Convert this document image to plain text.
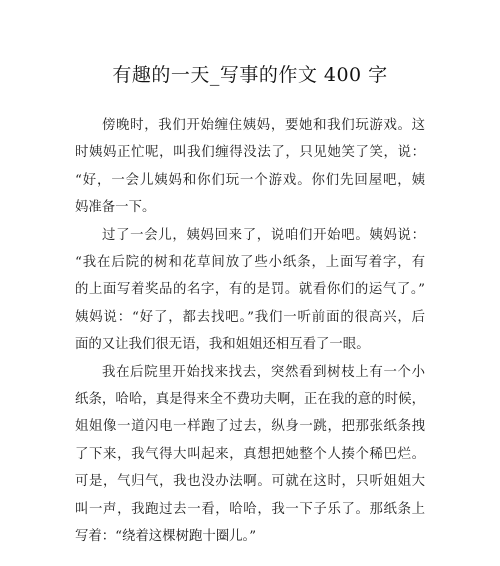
有趣的一天_写事的作文 400 字

傍晚时，我们开始缠住姨妈，要她和我们玩游戏。这
时姨妈正忙呢，叫我们缠得没法了，只见她笑了笑，说：
“好，一会儿姨妈和你们玩一个游戏。你们先回屋吧，姨
妈准备一下。

过了一会儿，姨妈回来了，说咱们开始吧。姨妈说：
“我在后院的树和花草间放了些小纸条，上面写着字，有
的上面写着奖品的名字，有的是罚。就看你们的运气了。”
姨妈说：“好了，都去找吧。”我们一听前面的很高兴，后
面的又让我们很无语，我和姐姐还相互看了一眼。

我在后院里开始找来找去，突然看到树枝上有一个小
纸条，哈哈，真是得来全不费功夫啊，正在我的意的时候，
姐姐像一道闪电一样跑了过去，纵身一跳，把那张纸条拽
了下来，我气得大叫起来，真想把她整个人揍个稀巴烂。
可是，气归气，我也没办法啊。可就在这时，只听姐姐大
叫一声，我跑过去一看，哈哈，我一下子乐了。那纸条上
写着：“绕着这棵树跑十圈儿。”
